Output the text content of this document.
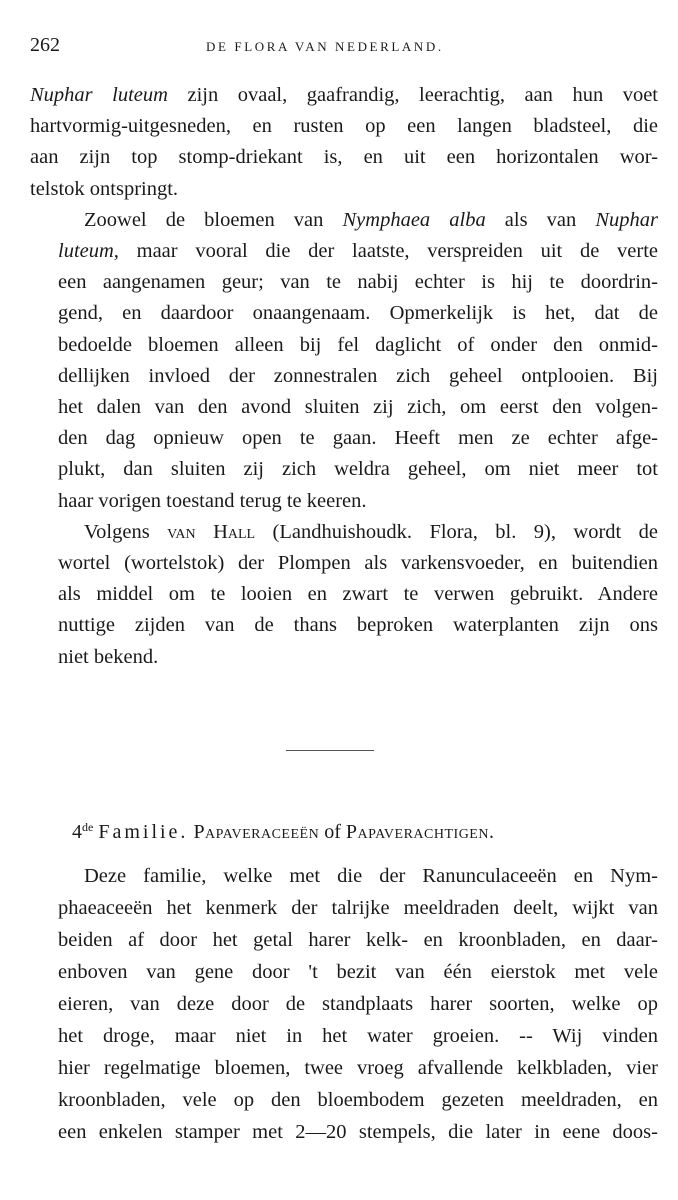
262	DE FLORA VAN NEDERLAND.
Nuphar luteum zijn ovaal, gaafrandig, leerachtig, aan hun voet
hartvormig-uitgesneden, en rusten op een langen bladsteel, die
aan zijn top stomp-driekant is, en uit een horizontalen wor-
telstok ontspringt.
Zoowel de bloemen van Nymphaea alba als van Nuphar
luteum, maar vooral die der laatste, verspreiden uit de verte
een aangenamen geur; van te nabij echter is hij te doordrin-
gend, en daardoor onaangenaam. Opmerkelijk is het, dat de
bedoelde bloemen alleen bij fel daglicht of onder den onmid-
dellijken invloed der zonnestralen zich geheel ontplooien. Bij
het dalen van den avond sluiten zij zich, om eerst den volgen-
den dag opnieuw open te gaan. Heeft men ze echter afge-
plukt, dan sluiten zij zich weldra geheel, om niet meer tot
haar vorigen toestand terug te keeren.
Volgens van Hall (Landhuishoudk. Flora, bl. 9), wordt de
wortel (wortelstok) der Plompen als varkensvoeder, en buitendien
als middel om te looien en zwart te verwen gebruikt. Andere
nuttige zijden van de thans beproken waterplanten zijn ons
niet bekend.
4de Familie. Papaveraceeën of Papaverachtigen.
Deze familie, welke met die der Ranunculaceeën en Nym-
phaeaceeën het kenmerk der talrijke meeldraden deelt, wijkt van
beiden af door het getal harer kelk- en kroonbladen, en daar-
enboven van gene door 't bezit van één eierstok met vele
eieren, van deze door de standplaats harer soorten, welke op
het droge, maar niet in het water groeien. -- Wij vinden
hier regelmatige bloemen, twee vroeg afvallende kelkbladen, vier
kroonbladen, vele op den bloembodem gezeten meeldraden, en
een enkelen stamper met 2—20 stempels, die later in eene doos-
